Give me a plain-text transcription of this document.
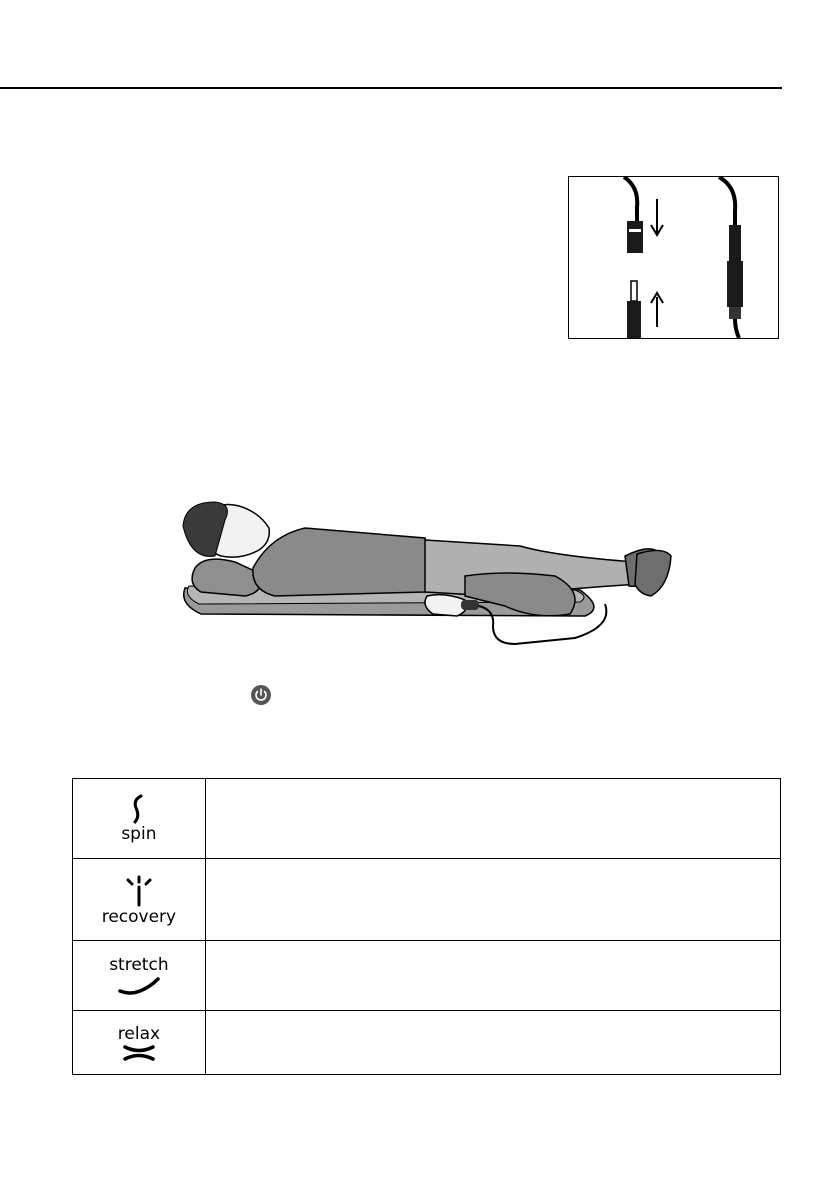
spin	

recovery	

stretch	

relax	
